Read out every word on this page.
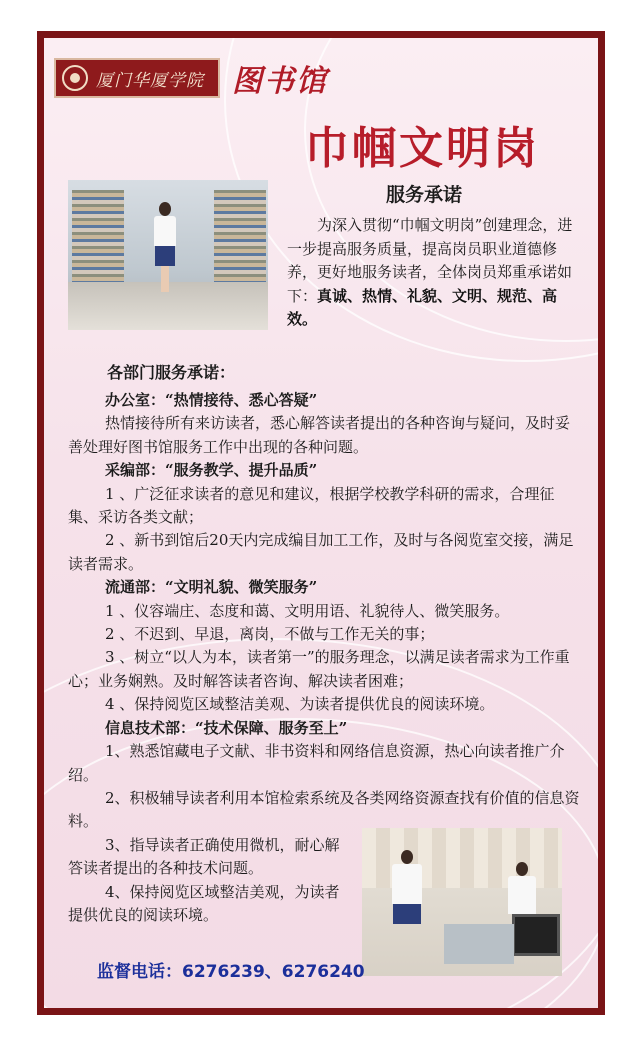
厦门华厦学院 图书馆
巾帼文明岗
服务承诺
为深入贯彻“巾帼文明岗”创建理念，进一步提高服务质量，提高岗员职业道德修养，更好地服务读者，全体岗员郑重承诺如下：真诚、热情、礼貌、文明、规范、高效。
各部门服务承诺：

办公室：“热情接待、悉心答疑”

热情接待所有来访读者，悉心解答读者提出的各种咨询与疑问，及时妥善处理好图书馆服务工作中出现的各种问题。

采编部：“服务教学、提升品质”

1 、广泛征求读者的意见和建议，根据学校教学科研的需求，合理征集、采访各类文献；

2 、新书到馆后20天内完成编目加工工作，及时与各阅览室交接，满足读者需求。

流通部：“文明礼貌、微笑服务”

1 、仪容端庄、态度和蔼、文明用语、礼貌待人、微笑服务。

2 、不迟到、早退，离岗，不做与工作无关的事；

3 、树立“以人为本，读者第一”的服务理念，以满足读者需求为工作重心；业务娴熟。及时解答读者咨询、解决读者困难；

4 、保持阅览区域整洁美观、为读者提供优良的阅读环境。

信息技术部：“技术保障、服务至上”

1、熟悉馆藏电子文献、非书资料和网络信息资源，热心向读者推广介绍。

2、积极辅导读者利用本馆检索系统及各类网络资源查找有价值的信息资料。

3、指导读者正确使用微机，耐心解答读者提出的各种技术问题。

4、保持阅览区域整洁美观，为读者提供优良的阅读环境。

监督电话：6276239、6276240
